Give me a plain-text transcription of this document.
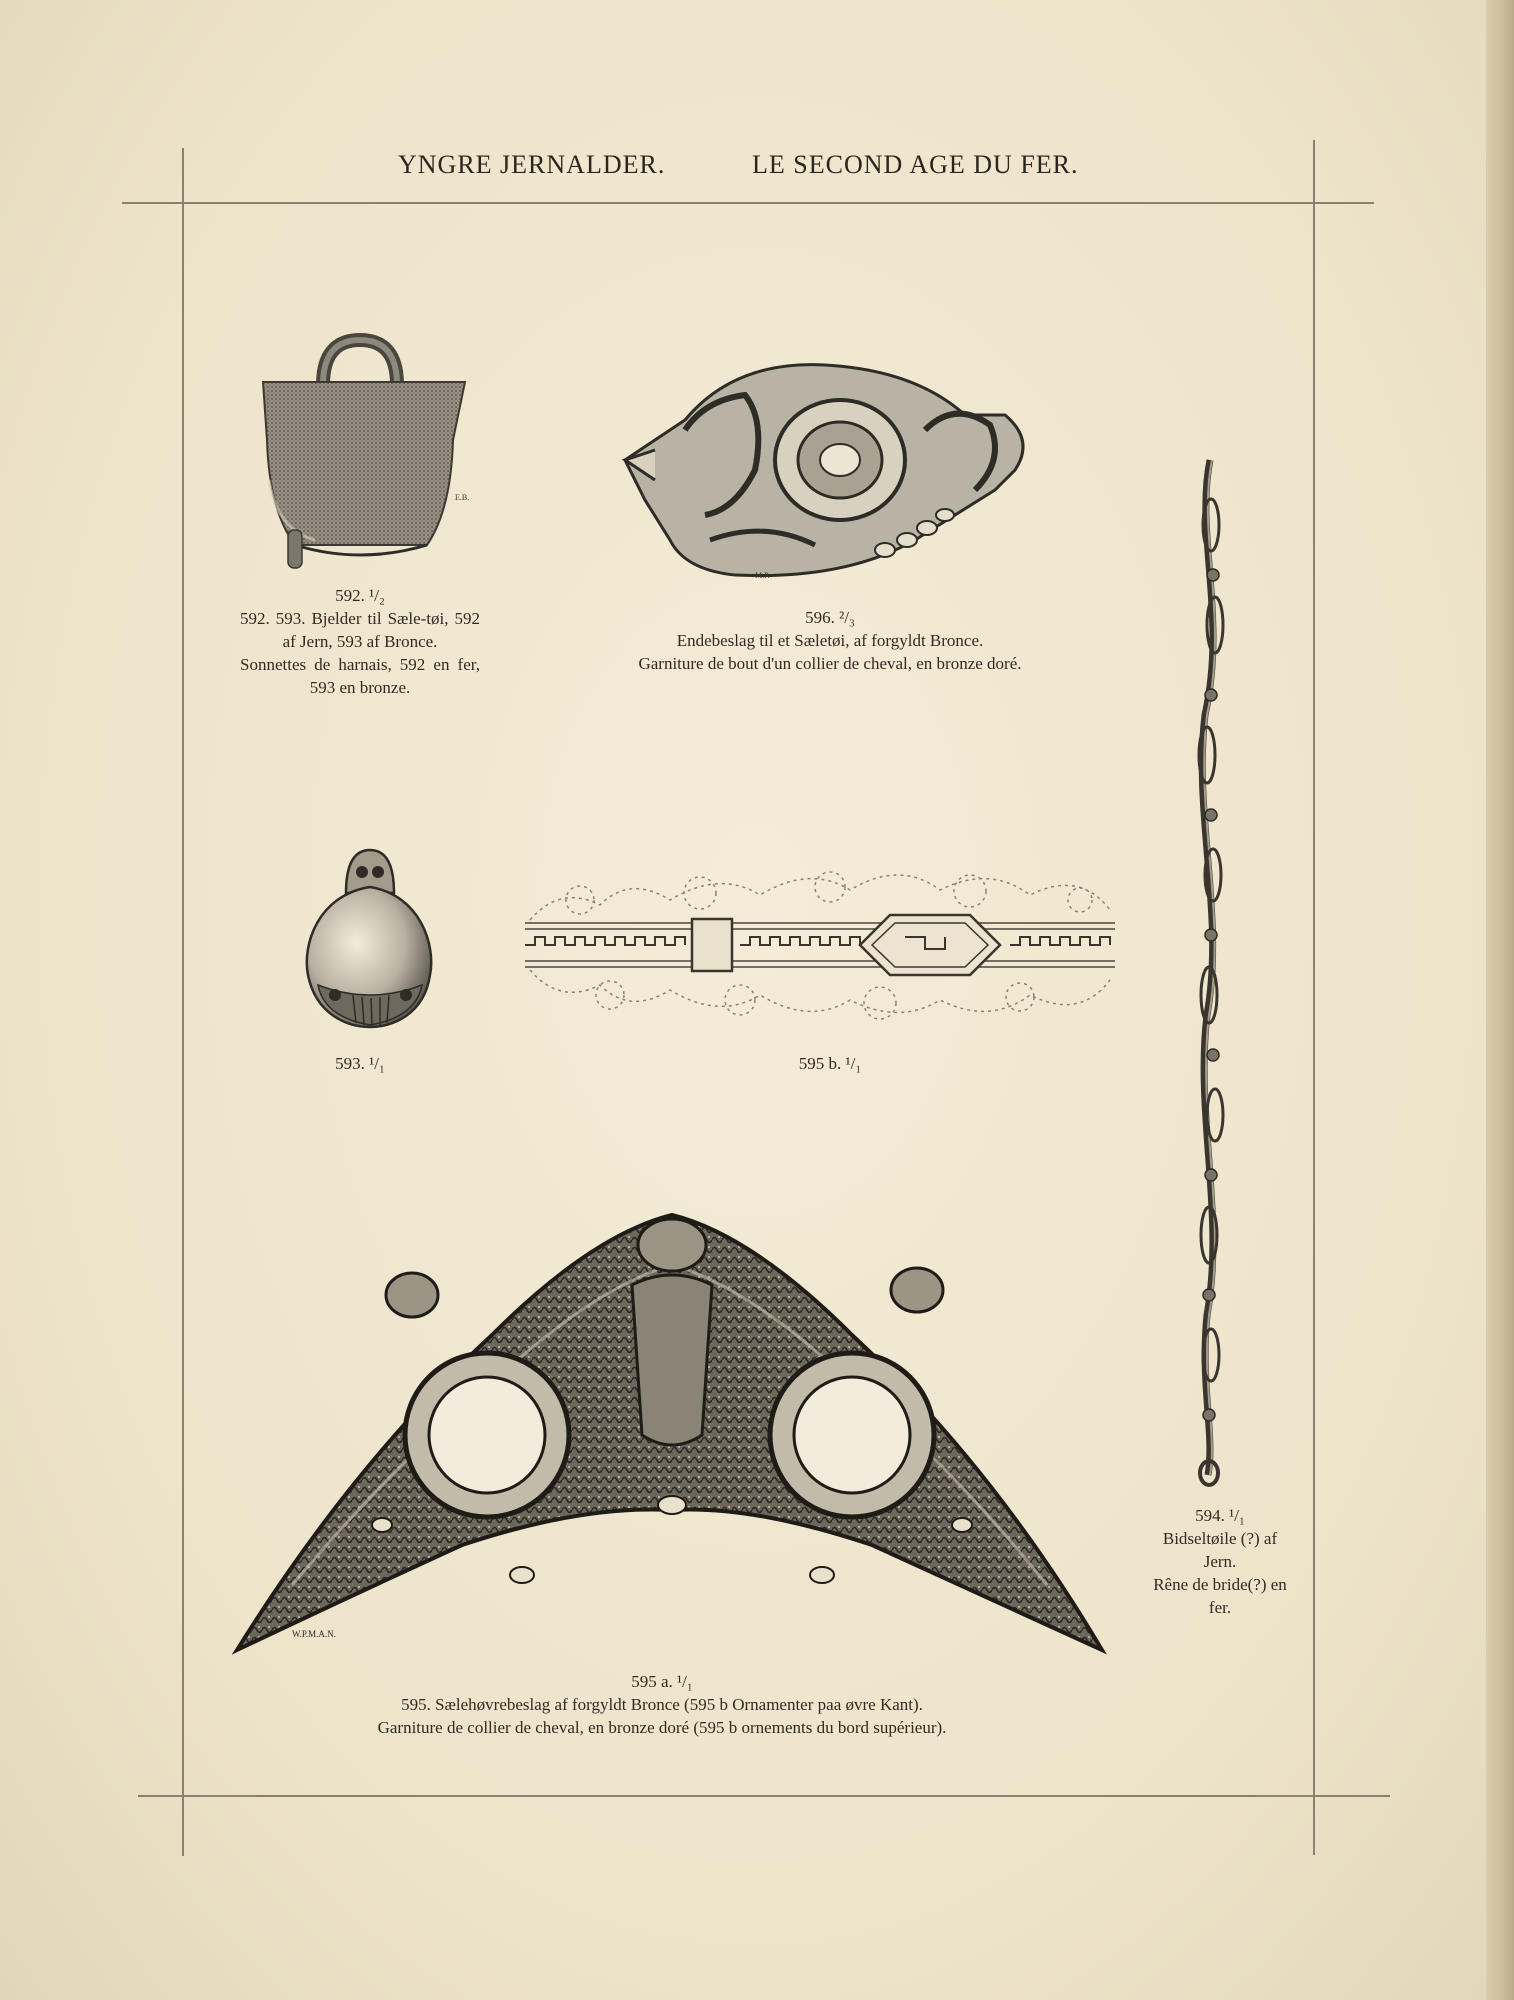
YNGRE JERNALDER.	LE SECOND AGE DU FER.
E.B.
592. ¹/₂
592. 593. Bjelder til Sæle-tøi, 592 af Jern, 593 af Bronce.
Sonnettes de harnais, 592 en fer, 593 en bronze.
M.P.
596. ²/₃
Endebeslag til et Sæletøi, af forgyldt Bronce.
Garniture de bout d'un collier de cheval, en bronze doré.
594. ¹/₁
Bidseltøile (?) af Jern.
Rêne de bride(?) en fer.
593. ¹/₁	595 b. ¹/₁
W.P.M.A.N.
595 a. ¹/₁
595. Sælehøvrebeslag af forgyldt Bronce (595 b Ornamenter paa øvre Kant).
Garniture de collier de cheval, en bronze doré (595 b ornements du bord supérieur).
